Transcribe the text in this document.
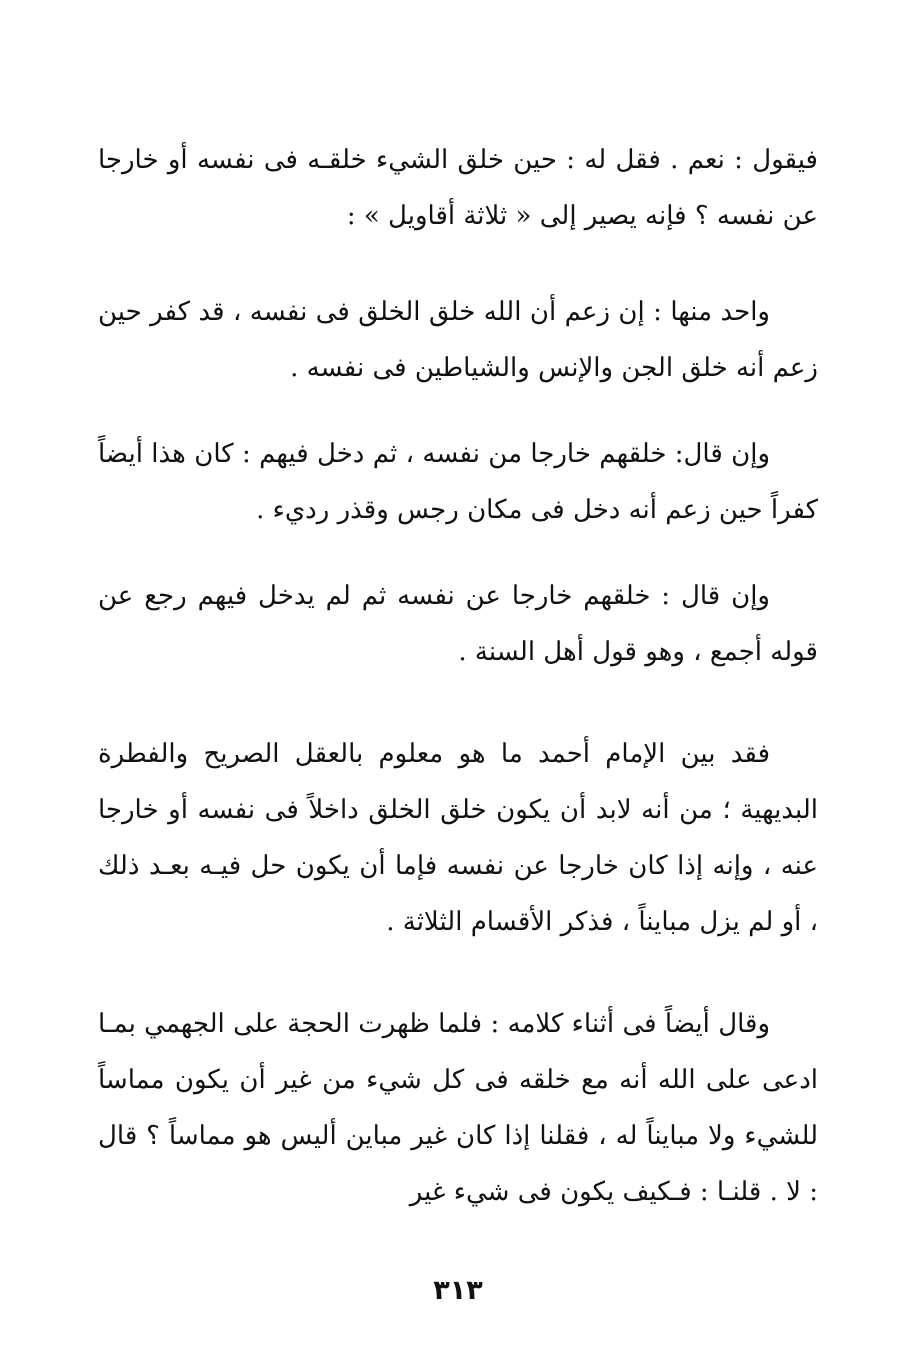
فيقول : نعم . فقل له : حين خلق الشيء خلقـه فى نفسه أو خارجا عن نفسه ؟ فإنه يصير إلى « ثلاثة أقاويل » :

واحد منها : إن زعم أن الله خلق الخلق فى نفسه ، قد كفر حين زعم أنه خلق الجن والإنس والشياطين فى نفسه .

وإن قال: خلقهم خارجا من نفسه ، ثم دخل فيهم : كان هذا أيضاً كفراً حين زعم أنه دخل فى مكان رجس وقذر رديء .

وإن قال : خلقهم خارجا عن نفسه ثم لم يدخل فيهم رجع عن قوله أجمع ، وهو قول أهل السنة .

فقد بين الإمام أحمد ما هو معلوم بالعقل الصريح والفطرة البديهية ؛ من أنه لابد أن يكون خلق الخلق داخلاً فى نفسه أو خارجا عنه ، وإنه إذا كان خارجا عن نفسه فإما أن يكون حل فيـه بعـد ذلك ، أو لم يزل مبايناً ، فذكر الأقسام الثلاثة .

وقال أيضاً فى أثناء كلامه : فلما ظهرت الحجة على الجهمي بمـا ادعى على الله أنه مع خلقه فى كل شيء من غير أن يكون مماساً للشيء ولا مبايناً له ، فقلنا إذا كان غير مباين أليس هو مماساً ؟ قال : لا . قلنـا : فـكيف يكون فى شيء غير

٣١٣
